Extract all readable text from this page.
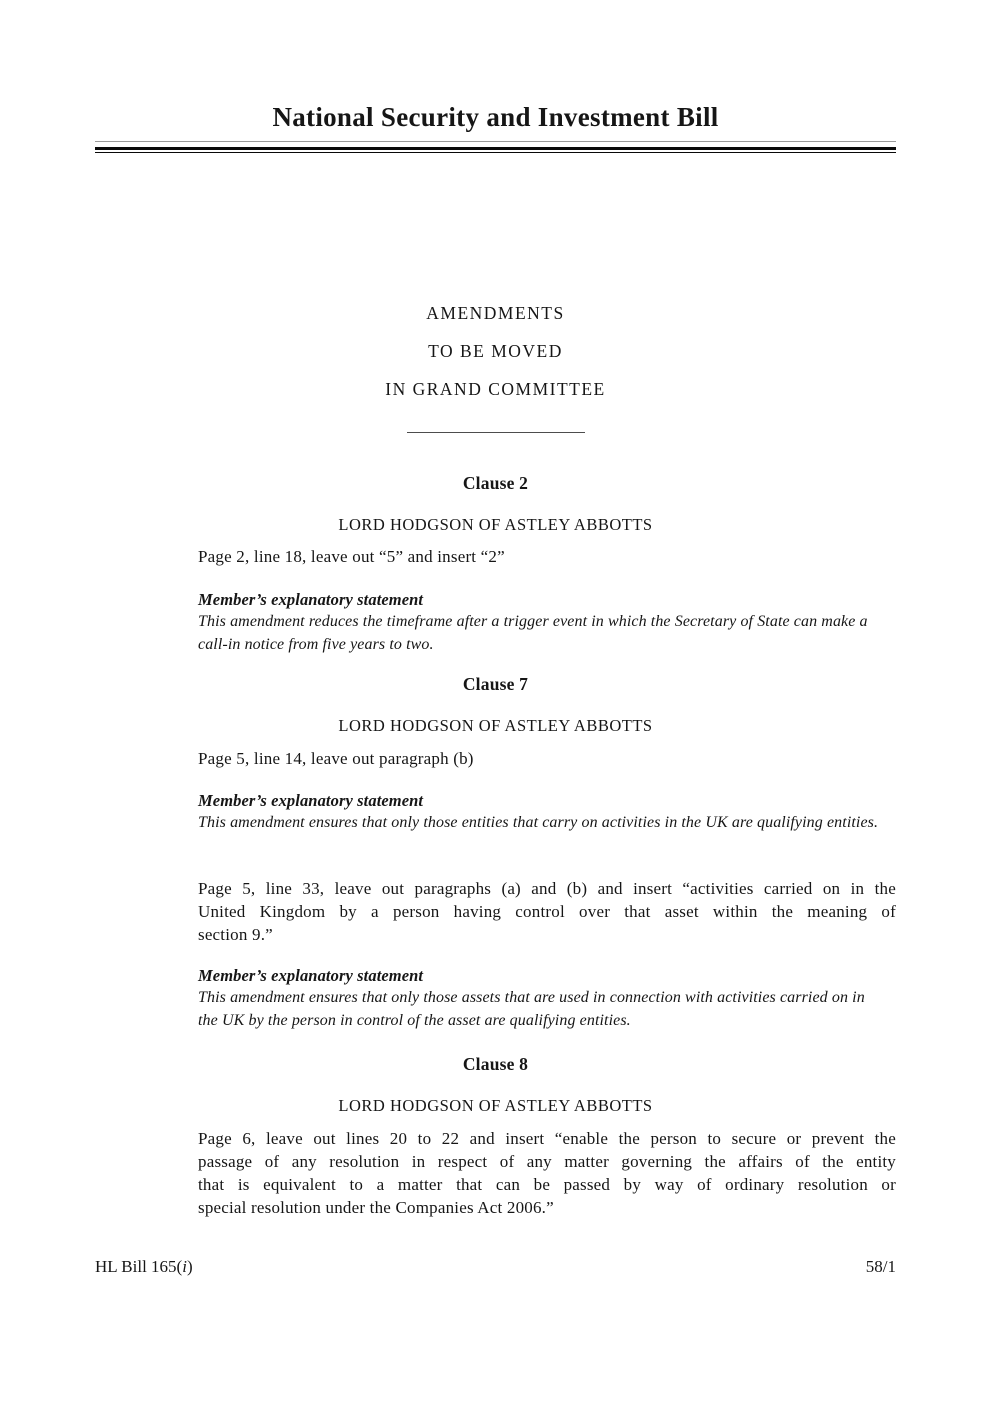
National Security and Investment Bill
AMENDMENTS
TO BE MOVED
IN GRAND COMMITTEE
Clause 2
LORD HODGSON OF ASTLEY ABBOTTS
Page 2, line 18, leave out “5” and insert “2”
Member’s explanatory statement
This amendment reduces the timeframe after a trigger event in which the Secretary of State can make a call-in notice from five years to two.
Clause 7
LORD HODGSON OF ASTLEY ABBOTTS
Page 5, line 14, leave out paragraph (b)
Member’s explanatory statement
This amendment ensures that only those entities that carry on activities in the UK are qualifying entities.
Page 5, line 33, leave out paragraphs (a) and (b) and insert “activities carried on in the
United Kingdom by a person having control over that asset within the meaning of
section 9.”
Member’s explanatory statement
This amendment ensures that only those assets that are used in connection with activities carried on in the UK by the person in control of the asset are qualifying entities.
Clause 8
LORD HODGSON OF ASTLEY ABBOTTS
Page 6, leave out lines 20 to 22 and insert “enable the person to secure or prevent the
passage of any resolution in respect of any matter governing the affairs of the entity
that is equivalent to a matter that can be passed by way of ordinary resolution or
special resolution under the Companies Act 2006.”
HL Bill 165(i)	58/1
